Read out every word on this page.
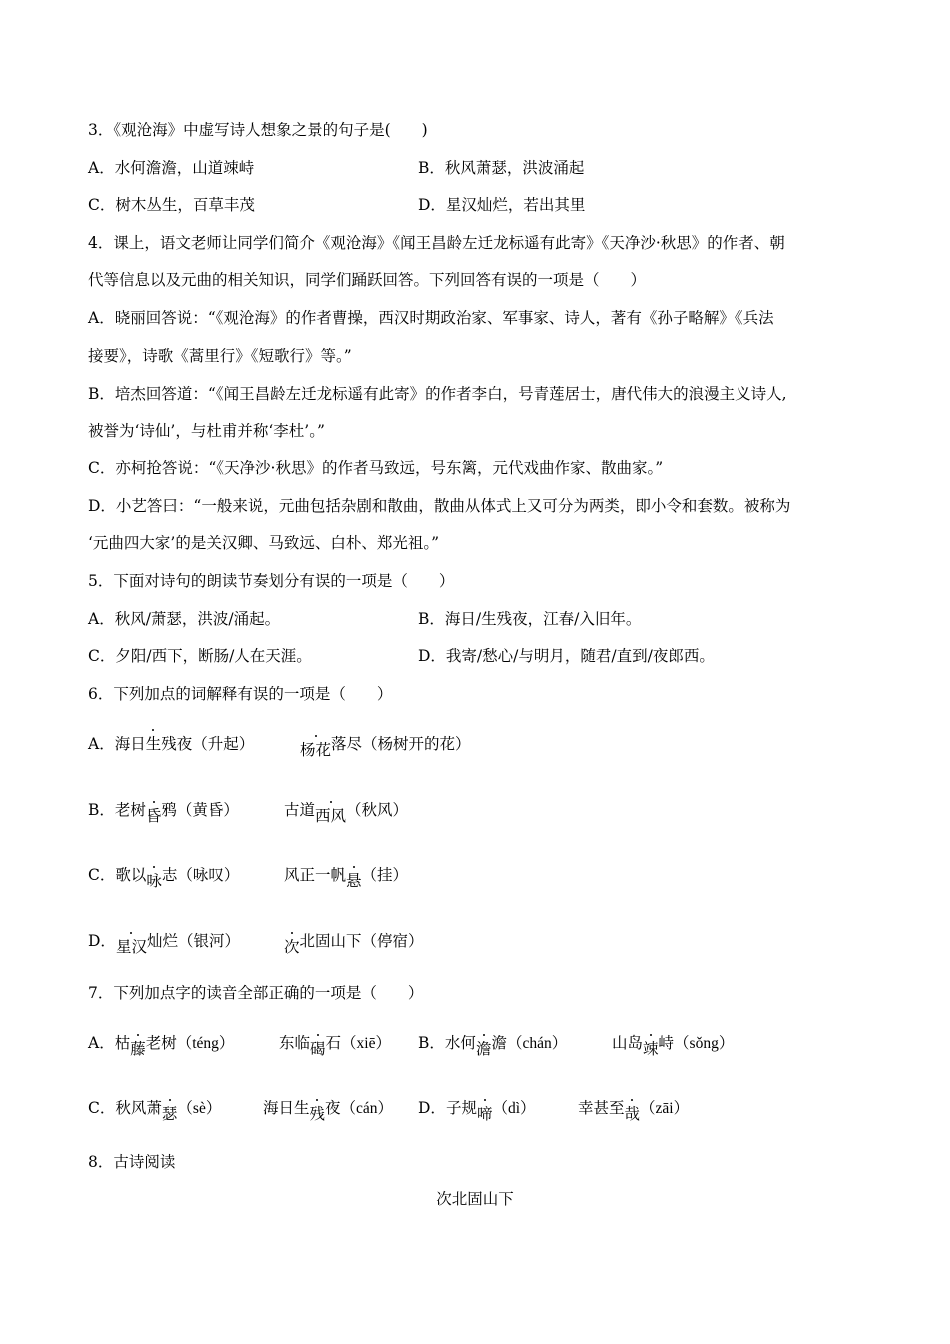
3．《观沧海》中虚写诗人想象之景的句子是(　　)
A．水何澹澹，山道竦峙	B．秋风萧瑟，洪波涌起
C．树木丛生，百草丰茂	D．星汉灿烂，若出其里
4．课上，语文老师让同学们简介《观沧海》《闻王昌龄左迁龙标遥有此寄》《天净沙·秋思》的作者、朝
代等信息以及元曲的相关知识，同学们踊跃回答。下列回答有误的一项是（　　）
A．晓丽回答说：“《观沧海》的作者曹操，西汉时期政治家、军事家、诗人，著有《孙子略解》《兵法
接要》，诗歌《蒿里行》《短歌行》等。”
B．培杰回答道：“《闻王昌龄左迁龙标遥有此寄》的作者李白，号青莲居士，唐代伟大的浪漫主义诗人,
被誉为‘诗仙’，与杜甫并称‘李杜’。”
C．亦柯抢答说：“《天净沙·秋思》的作者马致远，号东篱，元代戏曲作家、散曲家。”
D．小艺答曰：“一般来说，元曲包括杂剧和散曲，散曲从体式上又可分为两类，即小令和套数。被称为
‘元曲四大家’的是关汉卿、马致远、白朴、郑光祖。”
5．下面对诗句的朗读节奏划分有误的一项是（　　）
A．秋风/萧瑟，洪波/涌起。	B．海日/生残夜，江春/入旧年。
C．夕阳/西下，断肠/人在天涯。	D．我寄/愁心/与明月，随君/直到/夜郎西。
6．下列加点的词解释有误的一项是（　　）
A．海日生残夜（升起）	杨花落尽（杨树开的花）
B．老树昏鸦（黄昏）	古道西风（秋风）
C．歌以咏志（咏叹）	风正一帆悬（挂）
D．星汉灿烂（银河）	次北固山下（停宿）
7．下列加点字的读音全部正确的一项是（　　）
A．枯藤老树（téng）	东临碣石（xiē） B．水何澹澹（chán）	山岛竦峙（sǒng）
C．秋风萧瑟（sè）	海日生残夜（cán） D．子规啼（dì）	幸甚至哉（zāi）
8．古诗阅读
次北固山下
